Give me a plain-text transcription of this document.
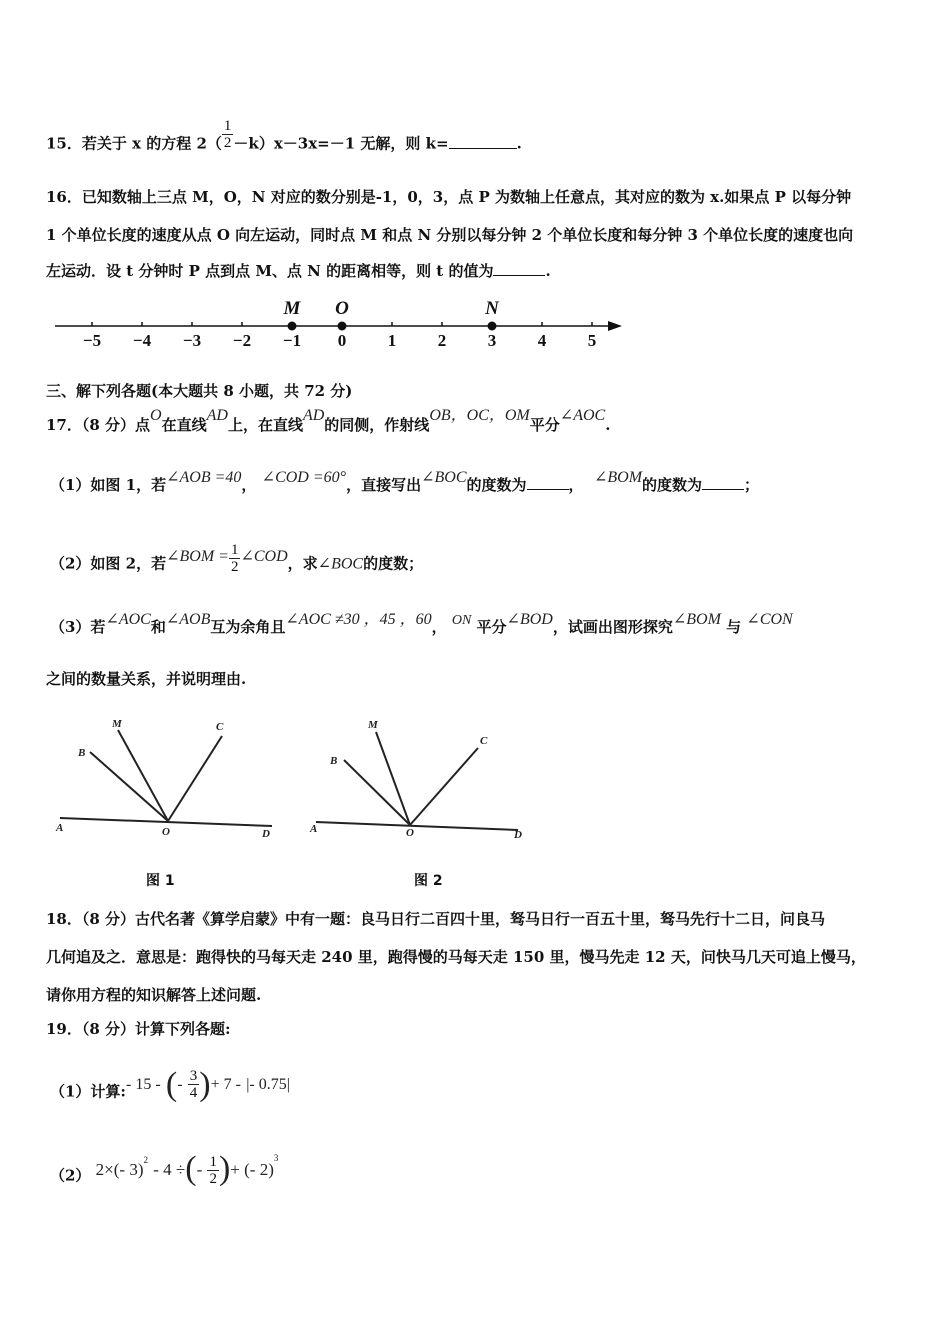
15．若关于 x 的方程 $2( \frac{1}{2} -k)x-3x=-1$ 无解，则 k=	.
16．已知数轴上三点 M，O，N 对应的数分别是-1，0，3，点 P 为数轴上任意点，其对应的数为 x.如果点 P 以每分钟
1 个单位长度的速度从点 O 向左运动，同时点 M 和点 N 分别以每分钟 2 个单位长度和每分钟 3 个单位长度的速度也向
左运动．设 t 分钟时 P 点到点 M、点 N 的距离相等，则 t 的值为	.
−5 −4 −3 −2 −1 0 1 2 3 4 5
M O	N
三、解下列各题(本大题共 8 小题，共 72 分)
17．（8 分）点O在直线AD上，在直线AD的同侧，作射线OB，OC，OM平分∠AOC.
（1）如图 1，若∠AOB =40， ∠COD =60°，直接写出∠BOC的度数为	， ∠BOM的度数为	；
（2）如图 2，若∠BOM = $\frac{1}{2}$ ∠COD，求∠BOC的度数；
（3）若∠AOC和∠AOB互为余角且∠AOC ≠30 ，45 ，60， ON 平分∠BOD，试画出图形探究∠BOM 与 ∠CON
之间的数量关系，并说明理由.
M	C
B
A	O	D
图 1
M
C
B
A	O	D
图 2
18．（8 分）古代名著《算学启蒙》中有一题：良马日行二百四十里，驽马日行一百五十里，驽马先行十二日，问良马
几何追及之．意思是：跑得快的马每天走 240 里，跑得慢的马每天走 150 里，慢马先走 12 天，问快马几天可追上慢马，
请你用方程的知识解答上述问题.
19．（8 分）计算下列各题:
（1）计算:- 15 - (- $\frac{3}{4}$ )+ 7 - |- 0.75|
（2） 2×(- 3)$^2$ - 4 ÷(- $\frac{1}{2}$ )+ (- 2)$^3$
